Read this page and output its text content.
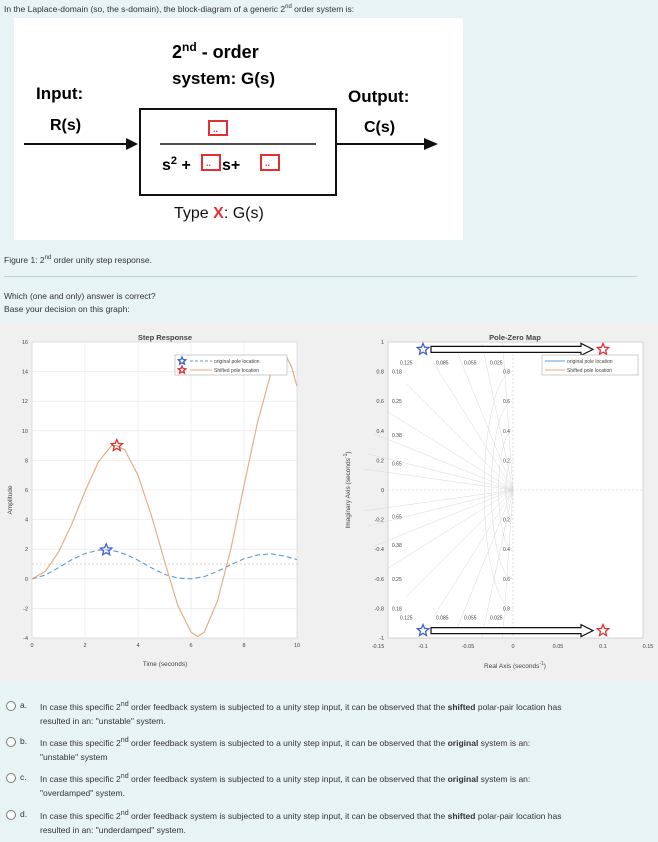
In the Laplace-domain (so, the s-domain), the block-diagram of a generic 2nd order system is:
2nd - order
system: G(s)
Input:
R(s)
Output:
C(s)
..
$s^2$ + .. s+	..
Type X: G(s)
Figure 1: 2nd order unity step response.
Which (one and only) answer is correct?
Base your decision on this graph:
Step Response
Time (seconds)
Amplitude
0	2	4	6	8	10
-4
-2
0
2
4
6
8
10
12
14
16
original pole location
Shifted pole location
Pole-Zero Map
Real Axis (seconds$^{-1}$)
Imaginary Axis (seconds$^{-1}$)
-0.15	-0.1	-0.05	0	0.05	0.1	0.15
-1
-0.8
-0.6
-0.4
-0.2
0
0.2
0.4
0.6
0.8
1
0.18
0.18
0.25
0.25
0.38
0.38
0.65
0.65
0.125
0.125
0.085
0.085
0.055
0.055
0.025
0.025
0.8
0.8
0.6
0.6
0.4
0.4
0.2
0.2
original pole location
Shifted pole location
a. In case this specific 2nd order feedback system is subjected to a unity step input, it can be observed that the shifted polar-pair location has
resulted in an: "unstable" system.
b. In case this specific 2nd order feedback system is subjected to a unity step input, it can be observed that the original system is an:
"unstable" system
c. In case this specific 2nd order feedback system is subjected to a unity step input, it can be observed that the original system is an:
"overdamped" system.
d. In case this specific 2nd order feedback system is subjected to a unity step input, it can be observed that the shifted polar-pair location has
resulted in an: "underdamped" system.
